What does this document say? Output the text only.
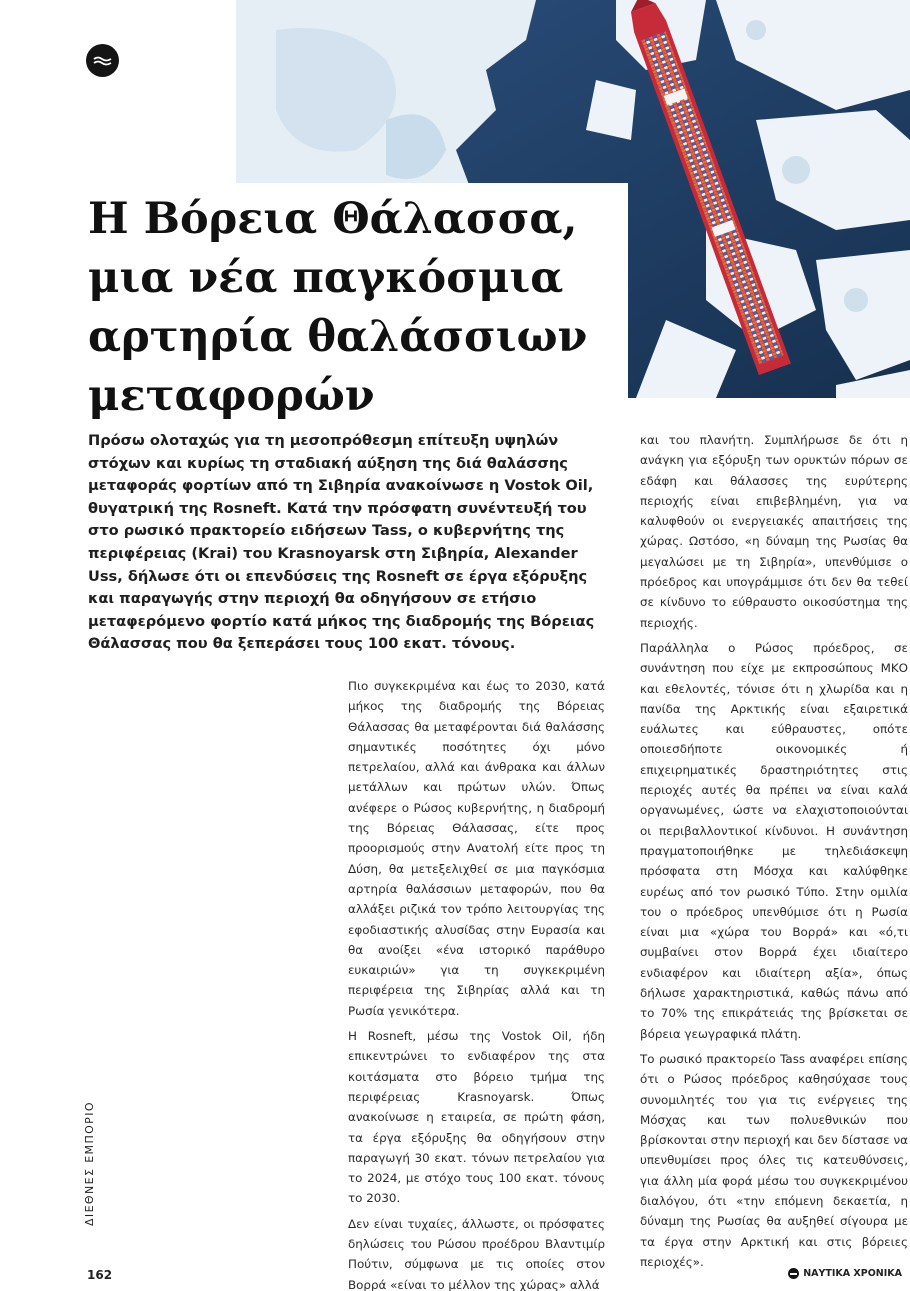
Η Βόρεια Θάλασσα,
μια νέα παγκόσμια
αρτηρία θαλάσσιων
μεταφορών

Πρόσω ολοταχώς για τη μεσοπρόθεσμη επίτευξη υψηλών στόχων και κυρίως τη σταδιακή αύξηση της διά θαλάσσης μεταφοράς φορτίων από τη Σιβηρία ανακοίνωσε η Vostok Oil, θυγατρική της Rosneft. Κατά την πρόσφατη συνέντευξή του στο ρωσικό πρακτορείο ειδήσεων Tass, ο κυβερνήτης της περιφέρειας (Krai) του Krasnoyarsk στη Σιβηρία, Alexander Uss, δήλωσε ότι οι επενδύσεις της Rosneft σε έργα εξόρυξης και παραγωγής στην περιοχή θα οδηγήσουν σε ετήσιο μεταφερόμενο φορτίο κατά μήκος της διαδρομής της Βόρειας Θάλασσας που θα ξεπεράσει τους 100 εκατ. τόνους.

Πιο συγκεκριμένα και έως το 2030, κατά μήκος της διαδρομής της Βόρειας Θάλασσας θα μεταφέρονται διά θαλάσσης σημαντικές ποσότητες όχι μόνο πετρελαίου, αλλά και άνθρακα και άλλων μετάλλων και πρώτων υλών. Όπως ανέφερε ο Ρώσος κυβερνήτης, η διαδρομή της Βόρειας Θάλασσας, είτε προς προορισμούς στην Ανατολή είτε προς τη Δύση, θα μετεξελιχθεί σε μια παγκόσμια αρτηρία θαλάσσιων μεταφορών, που θα αλλάξει ριζικά τον τρόπο λειτουργίας της εφοδιαστικής αλυσίδας στην Ευρασία και θα ανοίξει «ένα ιστορικό παράθυρο ευκαιριών» για τη συγκεκριμένη περιφέρεια της Σιβηρίας αλλά και τη Ρωσία γενικότερα.

Η Rosneft, μέσω της Vostok Oil, ήδη επικεντρώνει το ενδιαφέρον της στα κοιτάσματα στο βόρειο τμήμα της περιφέρειας Krasnoyarsk. Όπως ανακοίνωσε η εταιρεία, σε πρώτη φάση, τα έργα εξόρυξης θα οδηγήσουν στην παραγωγή 30 εκατ. τόνων πετρελαίου για το 2024, με στόχο τους 100 εκατ. τόνους το 2030.

Δεν είναι τυχαίες, άλλωστε, οι πρόσφατες δηλώσεις του Ρώσου προέδρου Βλαντιμίρ Πούτιν, σύμφωνα με τις οποίες στον Βορρά «είναι το μέλλον της χώρας» αλλά

και του πλανήτη. Συμπλήρωσε δε ότι η ανάγκη για εξόρυξη των ορυκτών πόρων σε εδάφη και θάλασσες της ευρύτερης περιοχής είναι επιβεβλημένη, για να καλυφθούν οι ενεργειακές απαιτήσεις της χώρας. Ωστόσο, «η δύναμη της Ρωσίας θα μεγαλώσει με τη Σιβηρία», υπενθύμισε ο πρόεδρος και υπογράμμισε ότι δεν θα τεθεί σε κίνδυνο το εύθραυστο οικοσύστημα της περιοχής.

Παράλληλα ο Ρώσος πρόεδρος, σε συνάντηση που είχε με εκπροσώπους ΜΚΟ και εθελοντές, τόνισε ότι η χλωρίδα και η πανίδα της Αρκτικής είναι εξαιρετικά ευάλωτες και εύθραυστες, οπότε οποιεσδήποτε οικονομικές ή επιχειρηματικές δραστηριότητες στις περιοχές αυτές θα πρέπει να είναι καλά οργανωμένες, ώστε να ελαχιστοποιούνται οι περιβαλλοντικοί κίνδυνοι. Η συνάντηση πραγματοποιήθηκε με τηλεδιάσκεψη πρόσφατα στη Μόσχα και καλύφθηκε ευρέως από τον ρωσικό Τύπο. Στην ομιλία του ο πρόεδρος υπενθύμισε ότι η Ρωσία είναι μια «χώρα του Βορρά» και «ό,τι συμβαίνει στον Βορρά έχει ιδιαίτερο ενδιαφέρον και ιδιαίτερη αξία», όπως δήλωσε χαρακτηριστικά, καθώς πάνω από το 70% της επικράτειάς της βρίσκεται σε βόρεια γεωγραφικά πλάτη.

Το ρωσικό πρακτορείο Tass αναφέρει επίσης ότι ο Ρώσος πρόεδρος καθησύχασε τους συνομιλητές του για τις ενέργειες της Μόσχας και των πολυεθνικών που βρίσκονται στην περιοχή και δεν δίστασε να υπενθυμίσει προς όλες τις κατευθύνσεις, για άλλη μία φορά μέσω του συγκεκριμένου διαλόγου, ότι «την επόμενη δεκαετία, η δύναμη της Ρωσίας θα αυξηθεί σίγουρα με τα έργα στην Αρκτική και στις βόρειες περιοχές».

ΔΙΕΘΝΕΣ ΕΜΠΟΡΙΟ
162	ΝΑΥΤΙΚΑ ΧΡΟΝΙΚΑ
